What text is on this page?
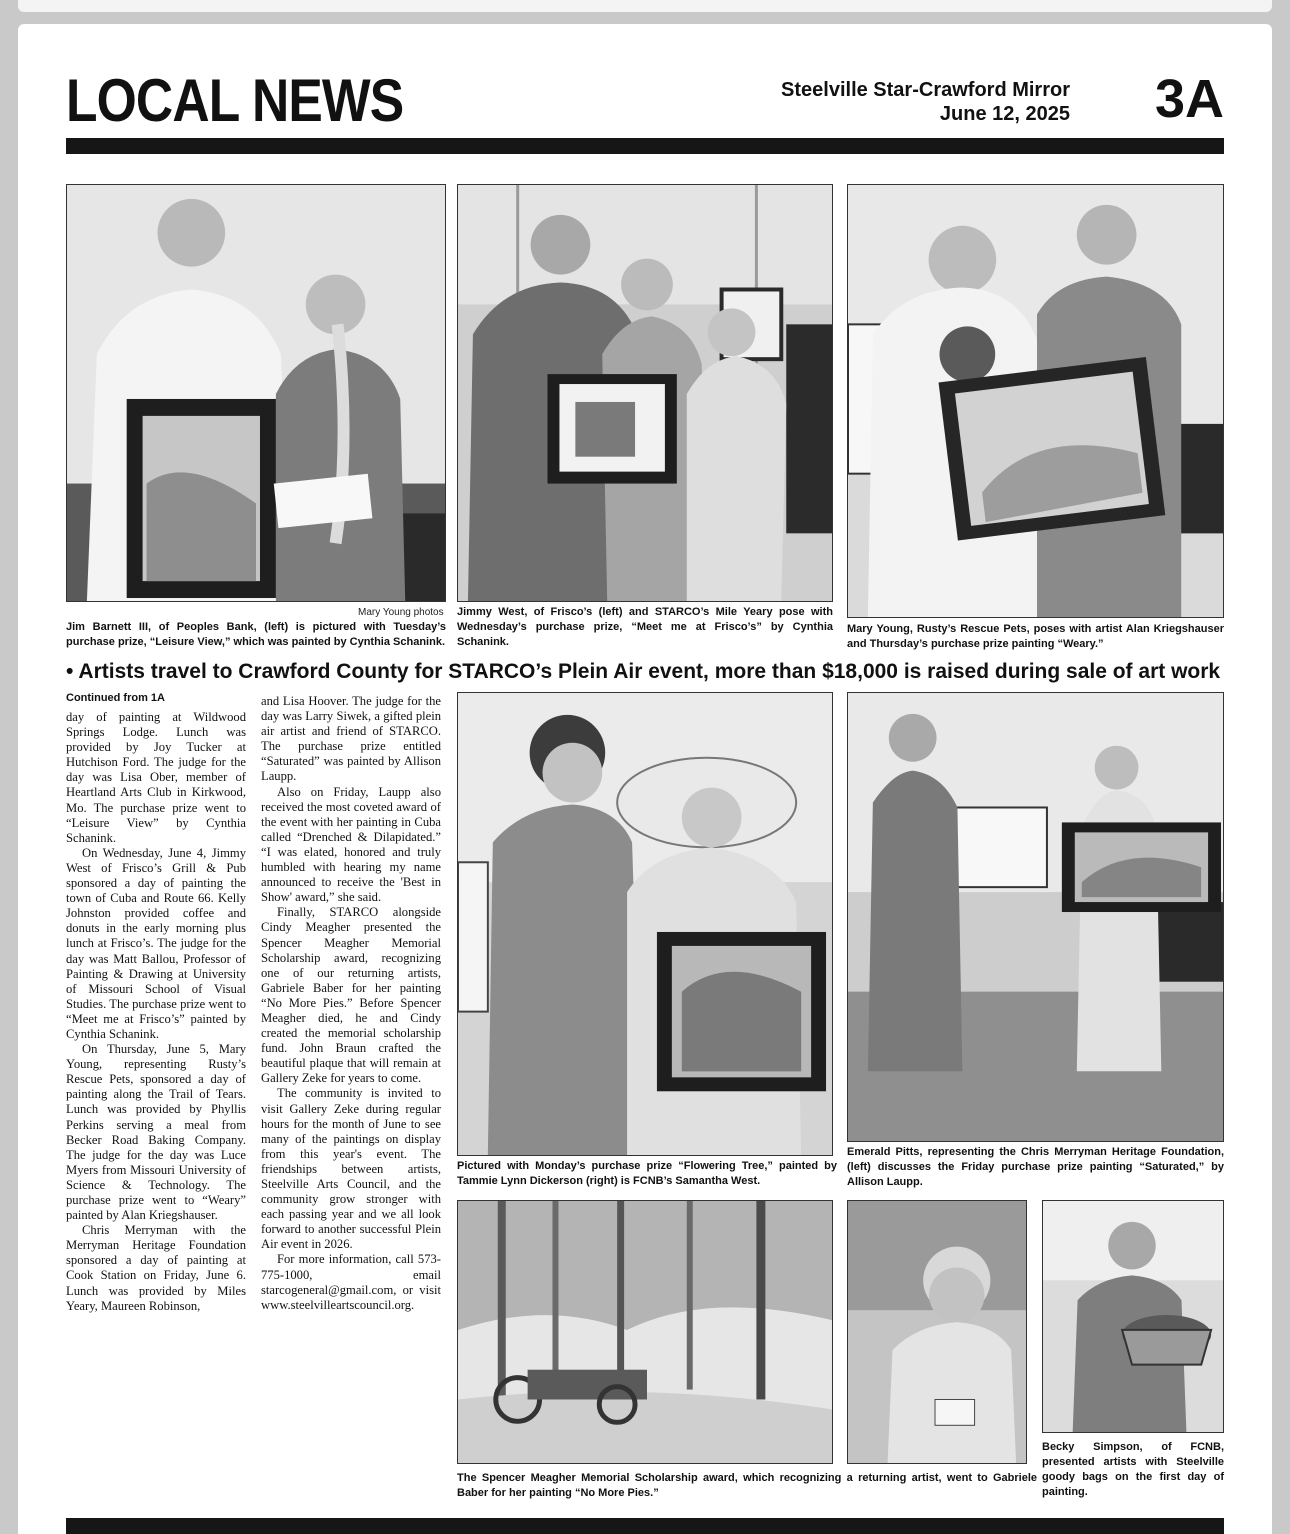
LOCAL NEWS	Steelville Star-Crawford Mirror
June 12, 2025 3A
Mary Young photos
Jim Barnett III, of Peoples Bank, (left) is pictured with Tuesday’s purchase prize, “Leisure View,” which was painted by Cynthia Schanink.
Jimmy West, of Frisco’s (left) and STARCO’s Mile Yeary pose with Wednesday’s purchase prize, “Meet me at Frisco’s” by Cynthia Schanink.
Mary Young, Rusty’s Rescue Pets, poses with artist Alan Kriegshauser and Thursday’s purchase prize painting “Weary.”
• Artists travel to Crawford County for STARCO’s Plein Air event, more than $18,000 is raised during sale of art work
Continued from 1A

day of painting at Wildwood Springs Lodge. Lunch was provided by Joy Tucker at Hutchison Ford. The judge for the day was Lisa Ober, member of Heartland Arts Club in Kirkwood, Mo. The purchase prize went to “Leisure View” by Cynthia Schanink.

On Wednesday, June 4, Jimmy West of Frisco’s Grill & Pub sponsored a day of painting the town of Cuba and Route 66. Kelly Johnston provided coffee and donuts in the early morning plus lunch at Frisco’s. The judge for the day was Matt Ballou, Professor of Painting & Drawing at University of Missouri School of Visual Studies. The purchase prize went to “Meet me at Frisco’s” painted by Cynthia Schanink.

On Thursday, June 5, Mary Young, representing Rusty’s Rescue Pets, sponsored a day of painting along the Trail of Tears. Lunch was provided by Phyllis Perkins serving a meal from Becker Road Baking Company. The judge for the day was Luce Myers from Missouri University of Science & Technology. The purchase prize went to “Weary” painted by Alan Kriegshauser.

Chris Merryman with the Merryman Heritage Foundation sponsored a day of painting at Cook Station on Friday, June 6. Lunch was provided by Miles Yeary, Maureen Robinson,

and Lisa Hoover. The judge for the day was Larry Siwek, a gifted plein air artist and friend of STARCO. The purchase prize entitled “Saturated” was painted by Allison Laupp.

Also on Friday, Laupp also received the most coveted award of the event with her painting in Cuba called “Drenched & Dilapidated.” “I was elated, honored and truly humbled with hearing my name announced to receive the 'Best in Show' award,” she said.

Finally, STARCO alongside Cindy Meagher presented the Spencer Meagher Memorial Scholarship award, recognizing one of our returning artists, Gabriele Baber for her painting “No More Pies.” Before Spencer Meagher died, he and Cindy created the memorial scholarship fund. John Braun crafted the beautiful plaque that will remain at Gallery Zeke for years to come.

The community is invited to visit Gallery Zeke during regular hours for the month of June to see many of the paintings on display from this year's event. The friendships between artists, Steelville Arts Council, and the community grow stronger with each passing year and we all look forward to another successful Plein Air event in 2026.

For more information, call 573-775-1000, email starcogeneral@gmail.com, or visit www.steelvilleartscouncil.org.

Pictured with Monday’s purchase prize “Flowering Tree,” painted by Tammie Lynn Dickerson (right) is FCNB’s Samantha West.
Emerald Pitts, representing the Chris Merryman Heritage Foundation, (left) discusses the Friday purchase prize painting “Saturated,” by Allison Laupp.
The Spencer Meagher Memorial Scholarship award, which recognizing a returning artist, went to Gabriele Baber for her painting “No More Pies.”
Becky Simpson, of FCNB, presented artists with Steelville goody bags on the first day of painting.
